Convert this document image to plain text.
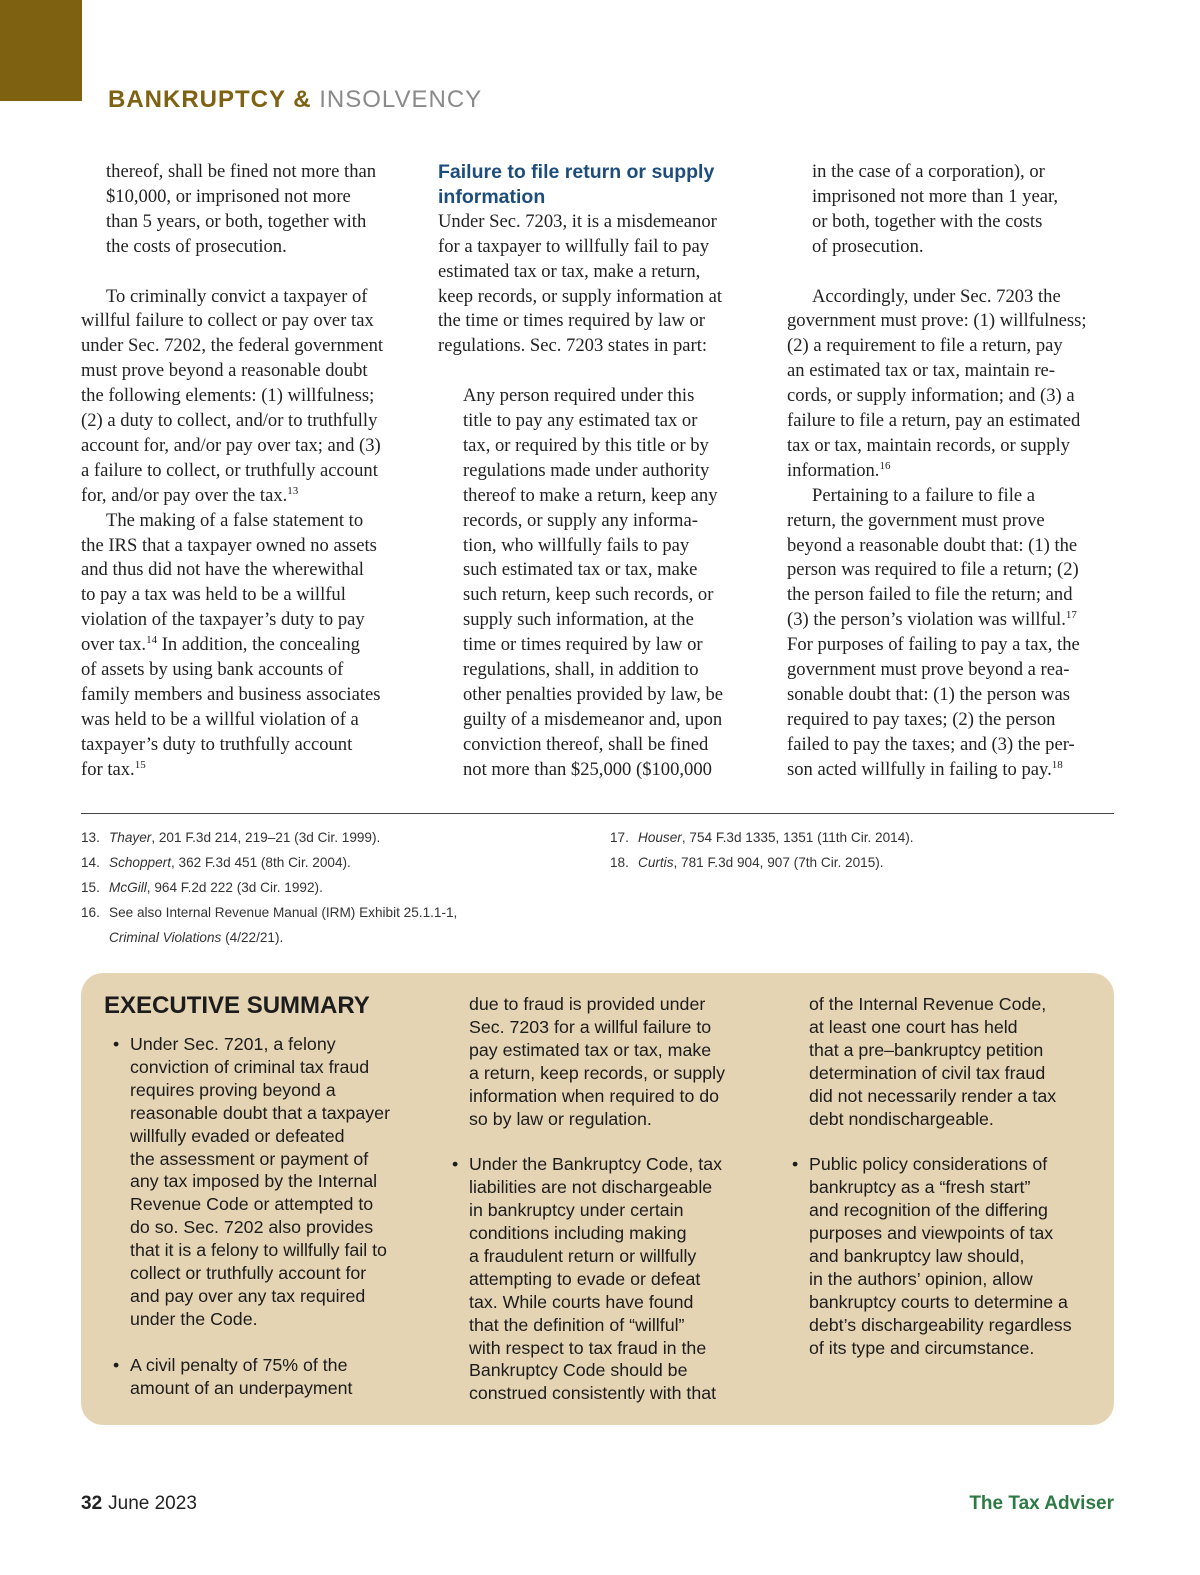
BANKRUPTCY & INSOLVENCY

thereof, shall be fined not more than
$10,000, or imprisoned not more
than 5 years, or both, together with
the costs of prosecution.

To criminally convict a taxpayer of
willful failure to collect or pay over tax
under Sec. 7202, the federal government
must prove beyond a reasonable doubt
the following elements: (1) willfulness;
(2) a duty to collect, and/or to truthfully
account for, and/or pay over tax; and (3)
a failure to collect, or truthfully account
for, and/or pay over the tax.$^{13}$

The making of a false statement to
the IRS that a taxpayer owned no assets
and thus did not have the wherewithal
to pay a tax was held to be a willful
violation of the taxpayer’s duty to pay
over tax.$^{14}$ In addition, the concealing
of assets by using bank accounts of
family members and business associates
was held to be a willful violation of a
taxpayer’s duty to truthfully account
for tax.$^{15}$

Failure to file return or supply
information

Under Sec. 7203, it is a misdemeanor
for a taxpayer to willfully fail to pay
estimated tax or tax, make a return,
keep records, or supply information at
the time or times required by law or
regulations. Sec. 7203 states in part:

Any person required under this
title to pay any estimated tax or
tax, or required by this title or by
regulations made under authority
thereof to make a return, keep any
records, or supply any informa-
tion, who willfully fails to pay
such estimated tax or tax, make
such return, keep such records, or
supply such information, at the
time or times required by law or
regulations, shall, in addition to
other penalties provided by law, be
guilty of a misdemeanor and, upon
conviction thereof, shall be fined
not more than $25,000 ($100,000

in the case of a corporation), or
imprisoned not more than 1 year,
or both, together with the costs
of prosecution.

Accordingly, under Sec. 7203 the
government must prove: (1) willfulness;
(2) a requirement to file a return, pay
an estimated tax or tax, maintain re-
cords, or supply information; and (3) a
failure to file a return, pay an estimated
tax or tax, maintain records, or supply
information.$^{16}$

Pertaining to a failure to file a
return, the government must prove
beyond a reasonable doubt that: (1) the
person was required to file a return; (2)
the person failed to file the return; and
(3) the person’s violation was willful.$^{17}$
For purposes of failing to pay a tax, the
government must prove beyond a rea-
sonable doubt that: (1) the person was
required to pay taxes; (2) the person
failed to pay the taxes; and (3) the per-
son acted willfully in failing to pay.$^{18}$

13. Thayer, 201 F.3d 214, 219–21 (3d Cir. 1999).
14. Schoppert, 362 F.3d 451 (8th Cir. 2004).
15. McGill, 964 F.2d 222 (3d Cir. 1992).
16. See also Internal Revenue Manual (IRM) Exhibit 25.1.1-1,
Criminal Violations (4/22/21).
17. Houser, 754 F.3d 1335, 1351 (11th Cir. 2014).
18. Curtis, 781 F.3d 904, 907 (7th Cir. 2015).
EXECUTIVE SUMMARY
• Under Sec. 7201, a felony
conviction of criminal tax fraud
requires proving beyond a
reasonable doubt that a taxpayer
willfully evaded or defeated
the assessment or payment of
any tax imposed by the Internal
Revenue Code or attempted to
do so. Sec. 7202 also provides
that it is a felony to willfully fail to
collect or truthfully account for
and pay over any tax required
under the Code.
• A civil penalty of 75% of the
amount of an underpayment
due to fraud is provided under
Sec. 7203 for a willful failure to
pay estimated tax or tax, make
a return, keep records, or supply
information when required to do
so by law or regulation.
• Under the Bankruptcy Code, tax
liabilities are not dischargeable
in bankruptcy under certain
conditions including making
a fraudulent return or willfully
attempting to evade or defeat
tax. While courts have found
that the definition of “willful”
with respect to tax fraud in the
Bankruptcy Code should be
construed consistently with that
of the Internal Revenue Code,
at least one court has held
that a pre–bankruptcy petition
determination of civil tax fraud
did not necessarily render a tax
debt nondischargeable.
• Public policy considerations of
bankruptcy as a “fresh start”
and recognition of the differing
purposes and viewpoints of tax
and bankruptcy law should,
in the authors’ opinion, allow
bankruptcy courts to determine a
debt’s dischargeability regardless
of its type and circumstance.
32 June 2023	The Tax Adviser
